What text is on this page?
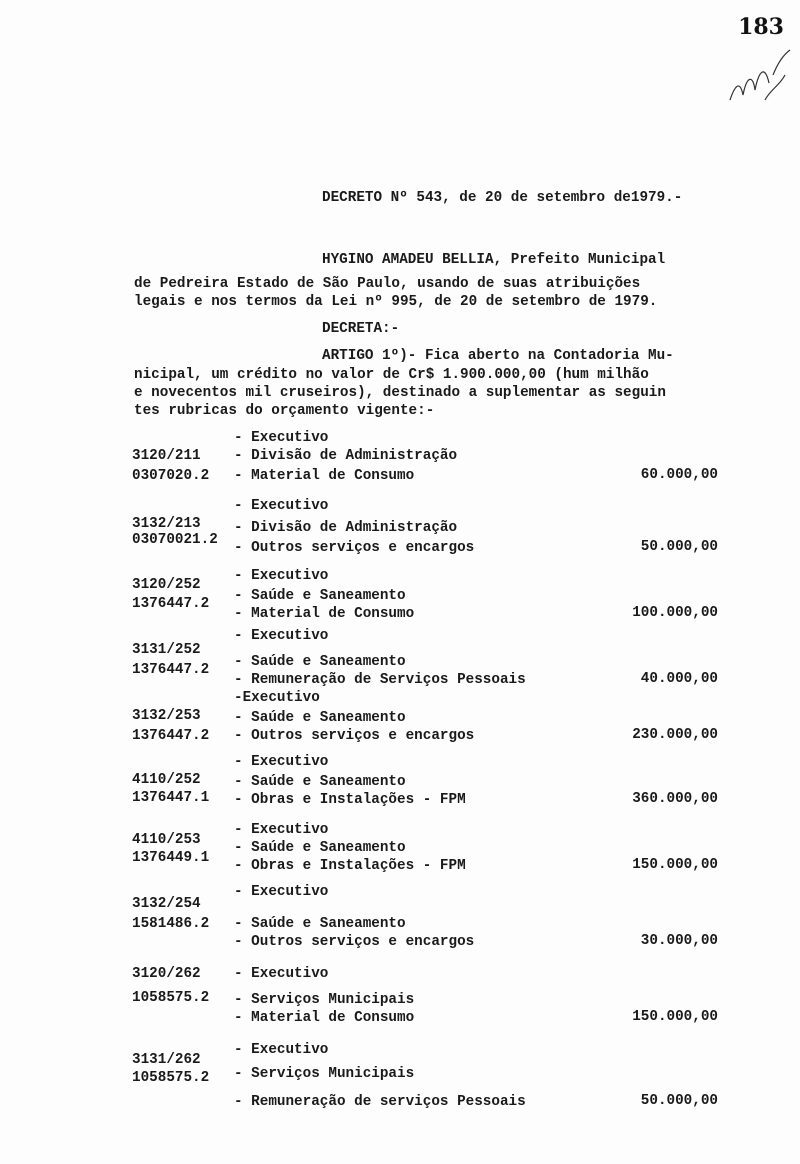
183
DECRETO Nº 543, de 20 de setembro de1979.-
HYGINO AMADEU BELLIA, Prefeito Municipal
de Pedreira Estado de São Paulo, usando de suas atribuições
legais e nos termos da Lei nº 995, de 20 de setembro de 1979.
DECRETA:-
ARTIGO 1º)- Fica aberto na Contadoria Mu-
nicipal, um crédito no valor de Cr$ 1.900.000,00 (hum milhão
e novecentos mil cruseiros), destinado a suplementar as seguin
tes rubricas do orçamento vigente:-
3120/211
0307020.2
- Executivo
- Divisão de Administração
- Material de Consumo	60.000,00
3132/213
03070021.2
- Executivo
- Divisão de Administração
- Outros serviços e encargos	50.000,00
3120/252
1376447.2
- Executivo
- Saúde e Saneamento
- Material de Consumo	100.000,00
3131/252
1376447.2
- Executivo
- Saúde e Saneamento
- Remuneração de Serviços Pessoais	40.000,00
3132/253
1376447.2
-Executivo
- Saúde e Saneamento
- Outros serviços e encargos	230.000,00
4110/252
1376447.1
- Executivo
- Saúde e Saneamento
- Obras e Instalações - FPM	360.000,00
4110/253
1376449.1
- Executivo
- Saúde e Saneamento
- Obras e Instalações - FPM	150.000,00
3132/254
1581486.2
- Executivo
- Saúde e Saneamento
- Outros serviços e encargos	30.000,00
3120/262
1058575.2
- Executivo
- Serviços Municipais
- Material de Consumo	150.000,00
3131/262
1058575.2
- Executivo
- Serviços Municipais
- Remuneração de serviços Pessoais	50.000,00
